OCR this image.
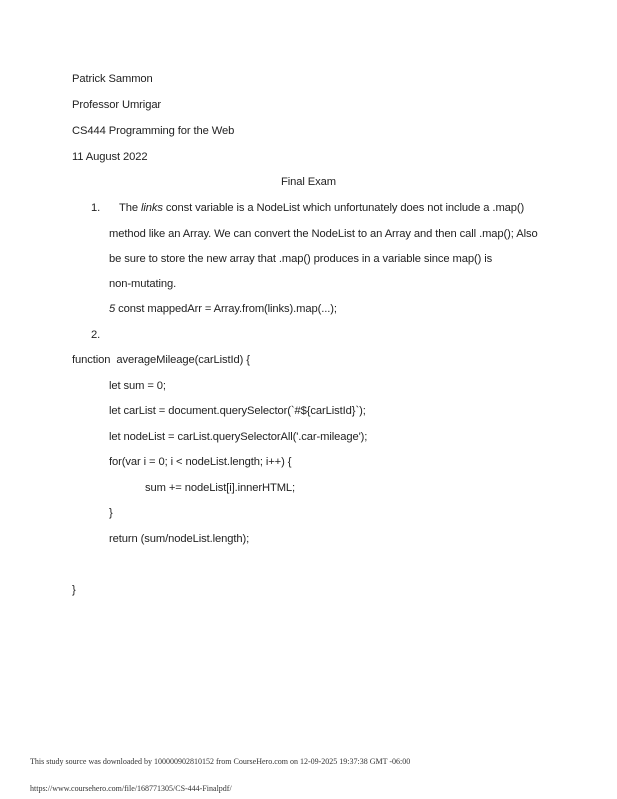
Patrick Sammon
Professor Umrigar
CS444 Programming for the Web
11 August 2022
Final Exam
1. The links const variable is a NodeList which unfortunately does not include a .map()
method like an Array. We can convert the NodeList to an Array and then call .map(); Also
be sure to store the new array that .map() produces in a variable since map() is
non-mutating.
5 const mappedArr = Array.from(links).map(...);
2.
function  averageMileage(carListId) {
let sum = 0;
let carList = document.querySelector(`#${carListId}`);
let nodeList = carList.querySelectorAll('.car-mileage');
for(var i = 0; i < nodeList.length; i++) {
sum += nodeList[i].innerHTML;
}
return (sum/nodeList.length);
}
This study source was downloaded by 100000902810152 from CourseHero.com on 12-09-2025 19:37:38 GMT -06:00
https://www.coursehero.com/file/168771305/CS-444-Finalpdf/
